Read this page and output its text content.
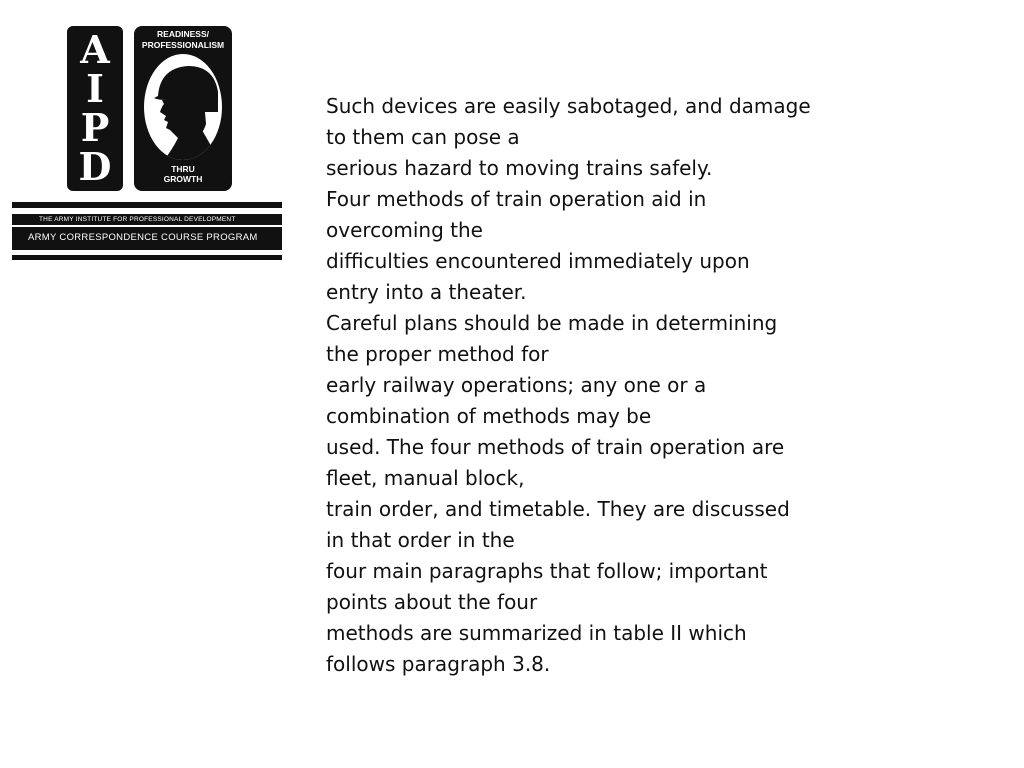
A
I
P
D
READINESS/
PROFESSIONALISM
THRU
GROWTH
THE ARMY INSTITUTE FOR PROFESSIONAL DEVELOPMENT
ARMY CORRESPONDENCE COURSE PROGRAM

Such devices are easily sabotaged, and damage
to them can pose a
serious hazard to moving trains safely.
Four methods of train operation aid in
overcoming the
difficulties encountered immediately upon
entry into a theater.
Careful plans should be made in determining
the proper method for
early railway operations; any one or a
combination of methods may be
used. The four methods of train operation are
fleet, manual block,
train order, and timetable. They are discussed
in that order in the
four main paragraphs that follow; important
points about the four
methods are summarized in table II which
follows paragraph 3.8.
